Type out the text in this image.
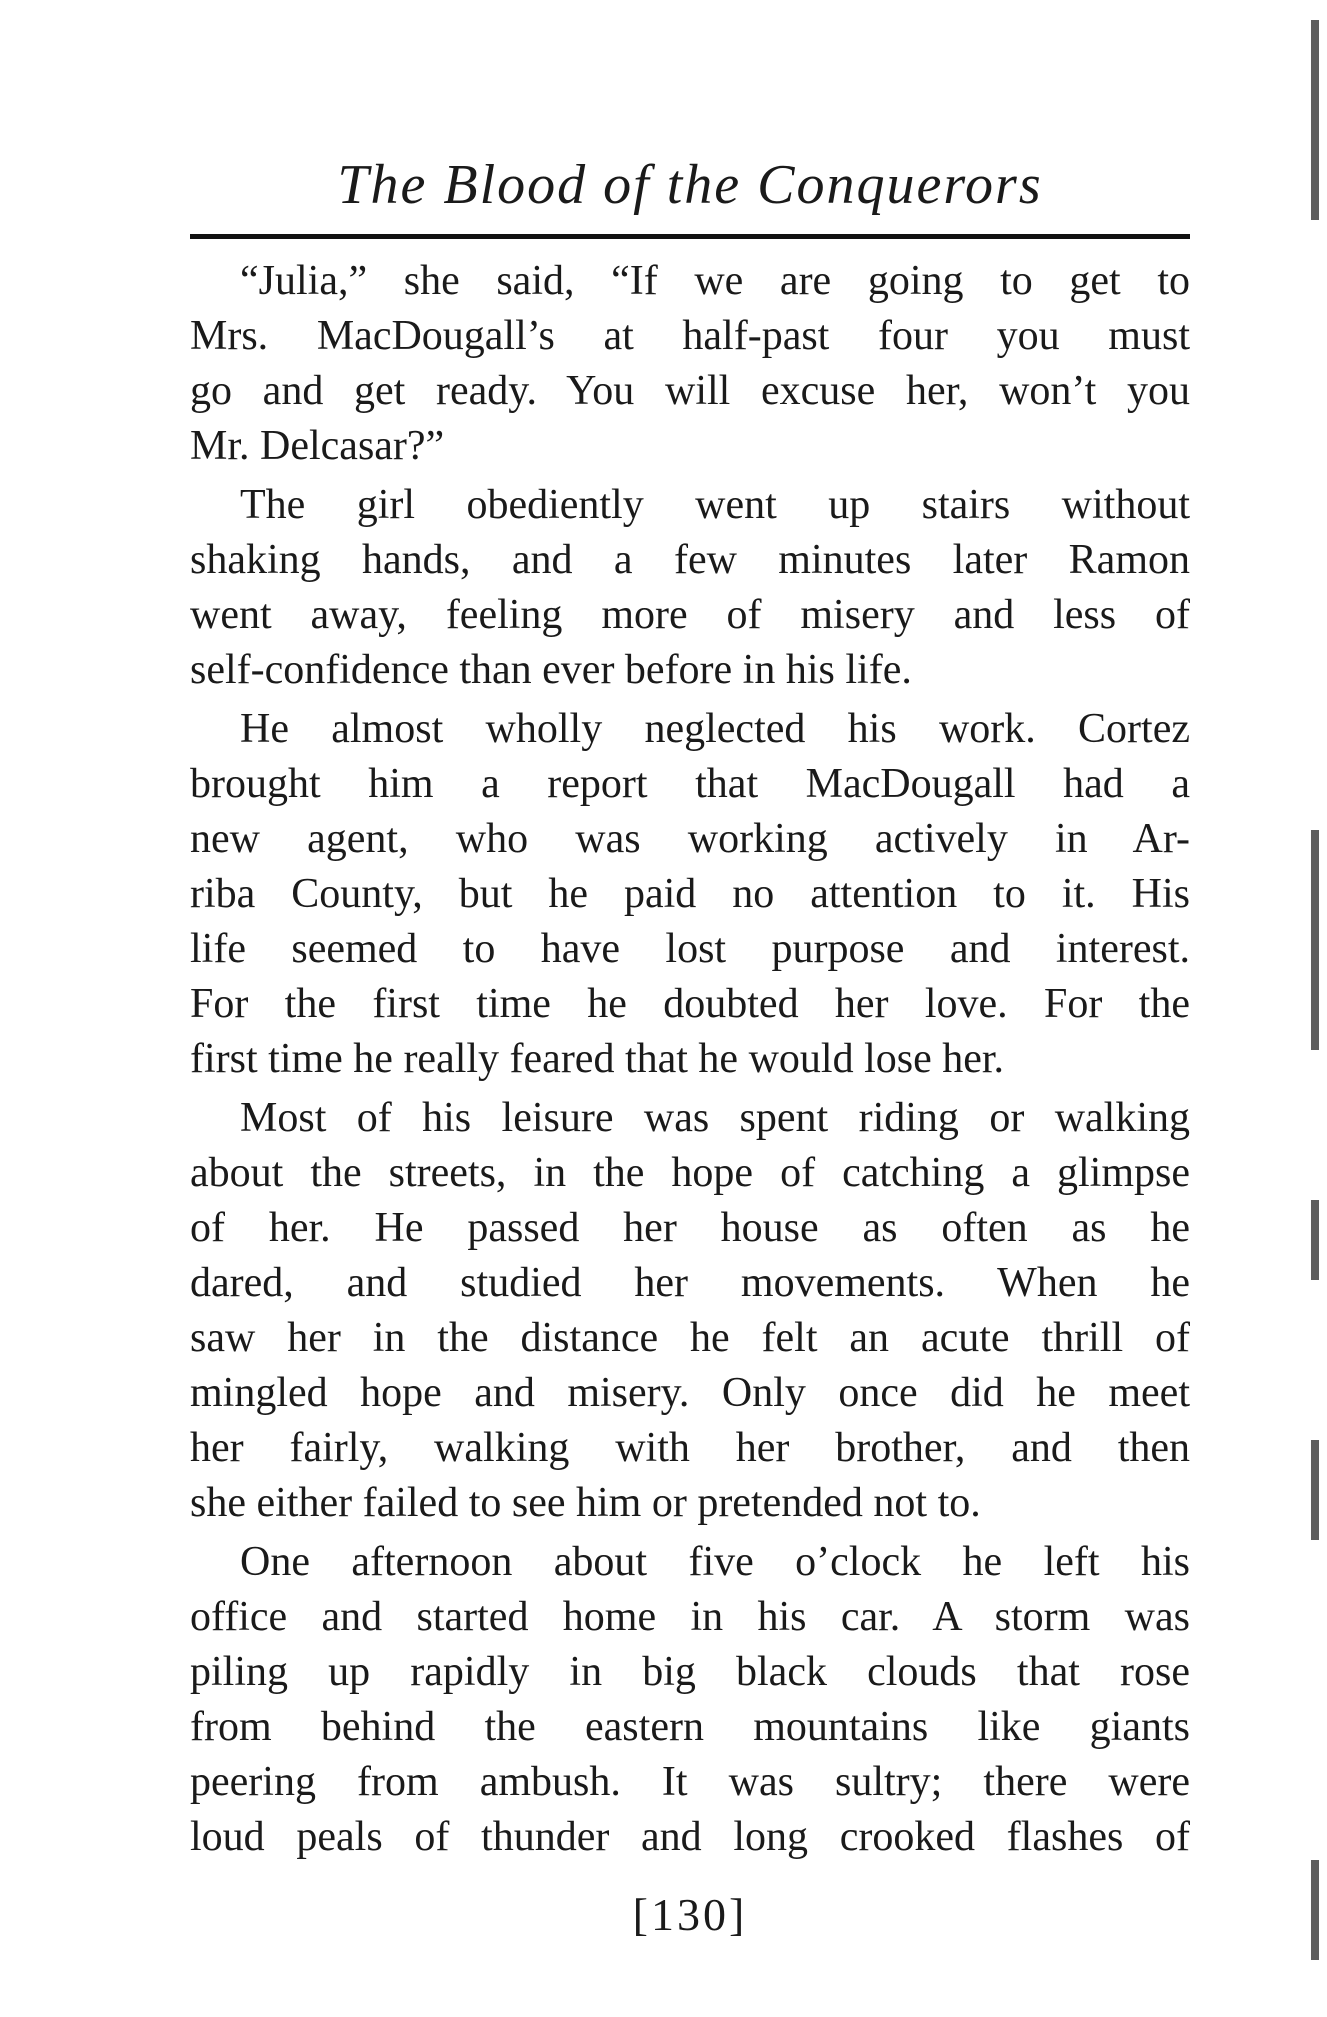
The Blood of the Conquerors
“Julia,” she said, “If we are going to get to
Mrs. MacDougall’s at half-past four you must
go and get ready. You will excuse her, won’t you
Mr. Delcasar?”
The girl obediently went up stairs without
shaking hands, and a few minutes later Ramon
went away, feeling more of misery and less of
self-confidence than ever before in his life.
He almost wholly neglected his work. Cortez
brought him a report that MacDougall had a
new agent, who was working actively in Ar-
riba County, but he paid no attention to it. His
life seemed to have lost purpose and interest.
For the first time he doubted her love. For the
first time he really feared that he would lose her.
Most of his leisure was spent riding or walking
about the streets, in the hope of catching a glimpse
of her. He passed her house as often as he
dared, and studied her movements. When he
saw her in the distance he felt an acute thrill of
mingled hope and misery. Only once did he meet
her fairly, walking with her brother, and then
she either failed to see him or pretended not to.
One afternoon about five o’clock he left his
office and started home in his car. A storm was
piling up rapidly in big black clouds that rose
from behind the eastern mountains like giants
peering from ambush. It was sultry; there were
loud peals of thunder and long crooked flashes of
[130]
